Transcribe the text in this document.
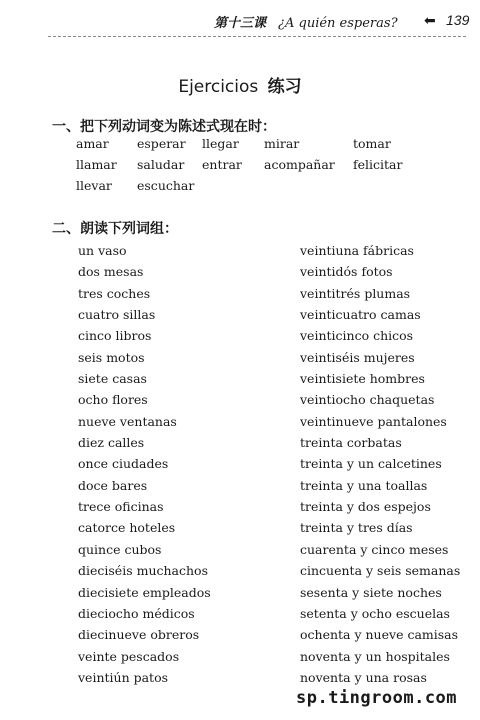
第十三课 ¿A quién esperas? ⬅ 139
Ejercicios 练习
一、把下列动词变为陈述式现在时：
amar esperar llegar mirar	tomar
llamar saludar entrar acompañar felicitar
llevar escuchar
二、朗读下列词组：
un vaso
dos mesas
tres coches
cuatro sillas
cinco libros
seis motos
siete casas
ocho flores
nueve ventanas
diez calles
once ciudades
doce bares
trece oficinas
catorce hoteles
quince cubos
dieciséis muchachos
diecisiete empleados
dieciocho médicos
diecinueve obreros
veinte pescados
veintiún patos
veintiuna fábricas
veintidós fotos
veintitrés plumas
veinticuatro camas
veinticinco chicos
veintiséis mujeres
veintisiete hombres
veintiocho chaquetas
veintinueve pantalones
treinta corbatas
treinta y un calcetines
treinta y una toallas
treinta y dos espejos
treinta y tres días
cuarenta y cinco meses
cincuenta y seis semanas
sesenta y siete noches
setenta y ocho escuelas
ochenta y nueve camisas
noventa y un hospitales
noventa y una rosas
sp.tingroom.com
